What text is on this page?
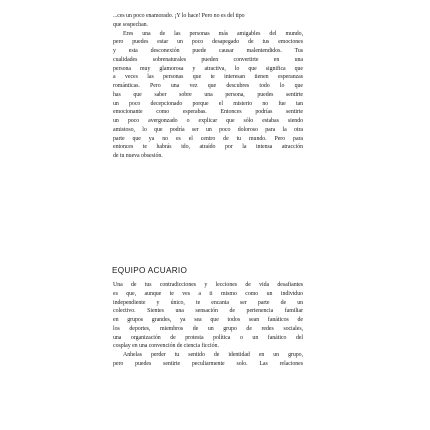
...ces un poco enamorado. ¡Y lo hace! Pero no es del tipo
que sospechan.
Eres una de las personas más amigables del mundo,
pero puedes estar un poco desapegado de tus emociones
y esta desconexión puede causar malentendidos. Tus
cualidades sobrenaturales pueden convertirte en una
persona muy glamorosa y atractiva, lo que significa que
a veces las personas que te interesan tienen esperanzas
románticas. Pero una vez que descubres todo lo que
has que saber sobre una persona, puedes sentirte
un poco decepcionado porque el misterio no fue tan
emocionante como esperabas. Entonces podrías sentirte
un poco avergonzado o explicar que sólo estabas siendo
amistoso, lo que podría ser un poco doloroso para la otra
parte que ya no es el centro de tu mundo. Pero para
entonces te habrás ido, atraído por la intensa atracción
de tu nueva obsesión.
EQUIPO ACUARIO
Una de tus contradicciones y lecciones de vida desafiantes
es que, aunque te ves a ti mismo como un individuo
independiente y único, te encanta ser parte de un
colectivo. Sientes una sensación de pertenencia familiar
en grupos grandes, ya sea que todos sean fanáticos de
los deportes, miembros de un grupo de redes sociales,
una organización de protesta política o un fanático del
cosplay en una convención de ciencia ficción.
Anhelas perder tu sentido de identidad en un grupo,
pero puedes sentirte peculiarmente solo. Las relaciones
